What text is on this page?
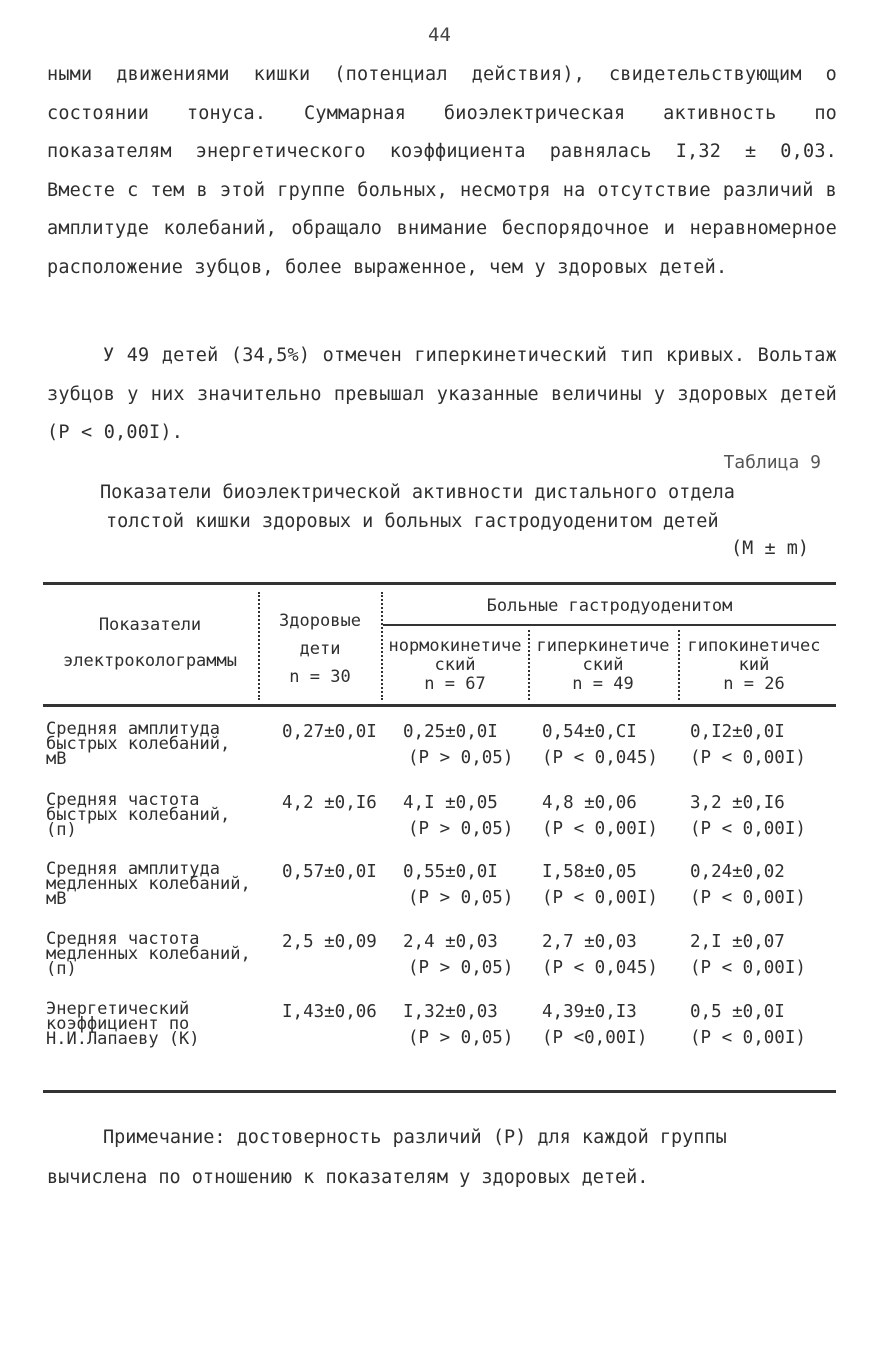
44

ными движениями кишки (потенциал действия), свидетельствующим о состоянии тонуса. Суммарная биоэлектрическая активность по показателям энергетического коэффициента равнялась I,32 ± 0,03. Вместе с тем в этой группе больных, несмотря на отсутствие различий в амплитуде колебаний, обращало внимание беспорядочное и неравномерное расположение зубцов, более выраженное, чем у здоровых детей.

У 49 детей (34,5%) отмечен гиперкинетический тип кривых. Вольтаж зубцов у них значительно превышал указанные величины у здоровых детей (Р < 0,00I).

Таблица 9
Показатели биоэлектрической активности дистального отдела
толстой кишки здоровых и больных гастродуоденитом детей
(М ± m)
Показатели электроколограммы
Здоровые дети
n = 30
Больные гастродуоденитом
нормокинетический
n = 67
гиперкинетический
n = 49
гипокинетический
n = 26
Средняя амплитуда быстрых колебаний, мВ
0,27±0,0I 0,25±0,0I
(Р > 0,05)
0,54±0,CI
(Р < 0,045)
0,I2±0,0I
(Р < 0,00I)
Средняя частота быстрых колебаний, (п)
4,2 ±0,I6 4,I ±0,05
(Р > 0,05)
4,8 ±0,06
(Р < 0,00I)
3,2 ±0,I6
(Р < 0,00I)
Средняя амплитуда медленных колебаний, мВ
0,57±0,0I 0,55±0,0I
(Р > 0,05)
I,58±0,05
(Р < 0,00I)
0,24±0,02
(Р < 0,00I)
Средняя частота медленных колебаний, (п)
2,5 ±0,09 2,4 ±0,03
(Р > 0,05)
2,7 ±0,03
(Р < 0,045)
2,I ±0,07
(Р < 0,00I)
Энергетический коэффициент по Н.И.Лапаеву (К)
I,43±0,06 I,32±0,03
(Р > 0,05)
4,39±0,I3
(Р <0,00I)
0,5 ±0,0I
(Р < 0,00I)

Примечание: достоверность различий (Р) для каждой группы вычислена по отношению к показателям у здоровых детей.
